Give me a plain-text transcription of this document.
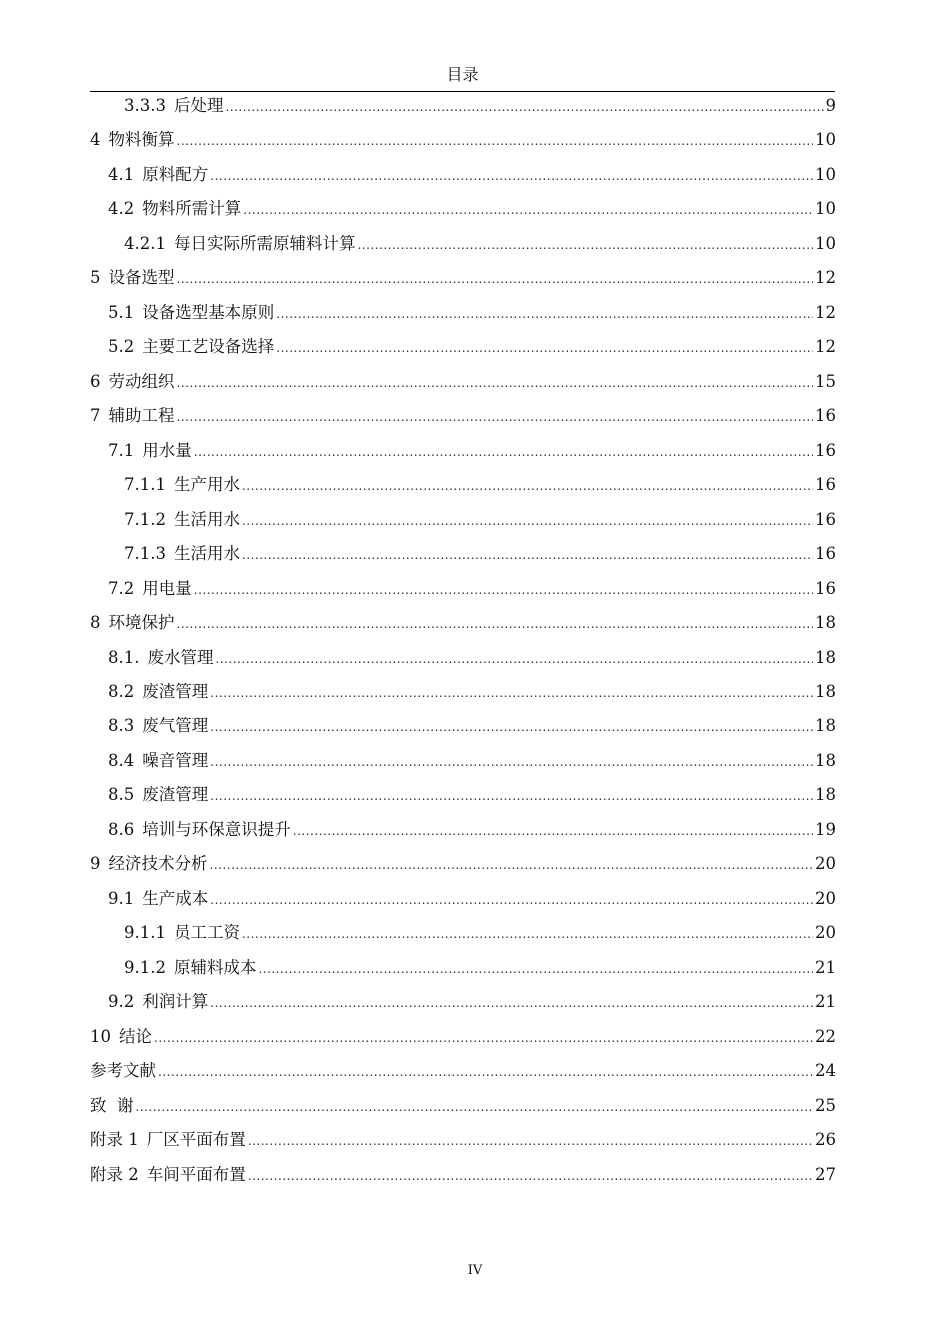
目录
3.3.3 后处理 .....	9
4 物料衡算 .....	10
4.1 原料配方 .....	10
4.2 物料所需计算 .....	10
4.2.1 每日实际所需原辅料计算 .....	10
5 设备选型 .....	12
5.1 设备选型基本原则 .....	12
5.2 主要工艺设备选择 .....	12
6 劳动组织 .....	15
7 辅助工程 .....	16
7.1 用水量 .....	16
7.1.1 生产用水 .....	16
7.1.2 生活用水 .....	16
7.1.3 生活用水 .....	16
7.2 用电量 .....	16
8 环境保护 .....	18
8.1. 废水管理 .....	18
8.2 废渣管理 .....	18
8.3 废气管理 .....	18
8.4 噪音管理 .....	18
8.5 废渣管理 .....	18
8.6 培训与环保意识提升 .....	19
9 经济技术分析 .....	20
9.1 生产成本 .....	20
9.1.1 员工工资 .....	20
9.1.2 原辅料成本 .....	21
9.2 利润计算 .....	21
10 结论 .....	22
参考文献 .....	24
致  谢 .....	25
附录 1 厂区平面布置 .....	26
附录 2 车间平面布置 .....	27
IV
